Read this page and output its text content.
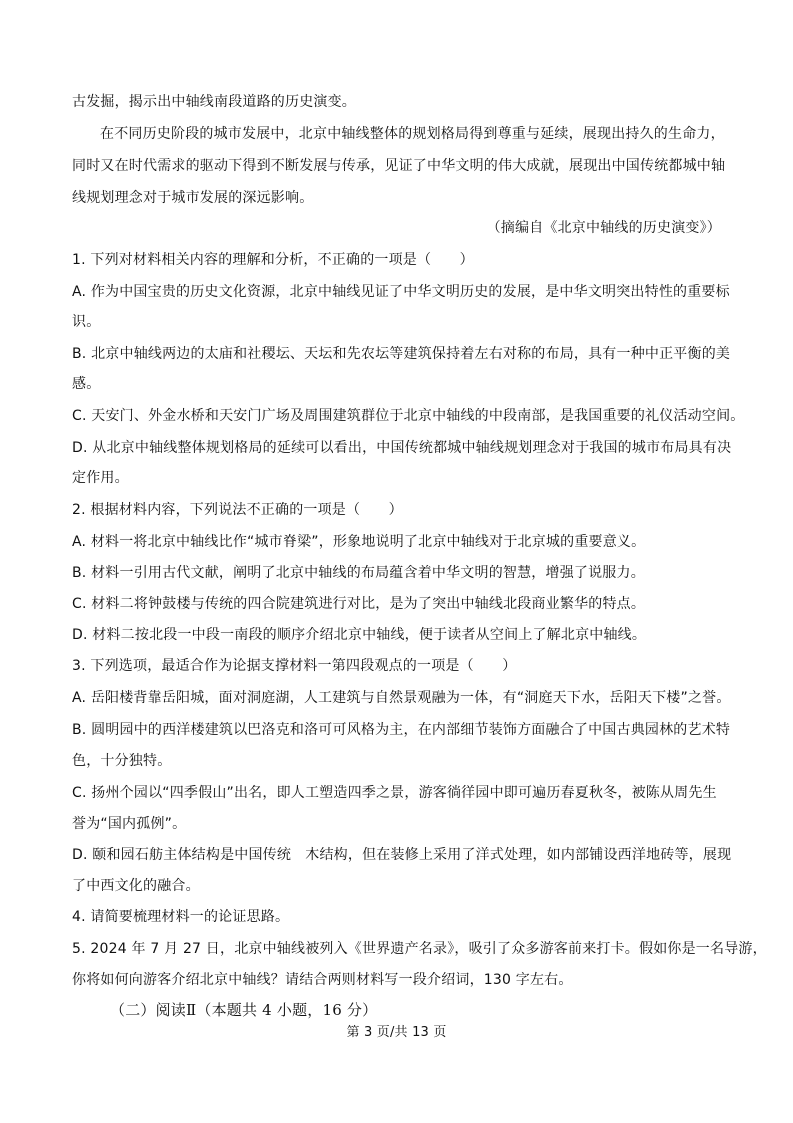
古发掘，揭示出中轴线南段道路的历史演变。
在不同历史阶段的城市发展中，北京中轴线整体的规划格局得到尊重与延续，展现出持久的生命力，
同时又在时代需求的驱动下得到不断发展与传承，见证了中华文明的伟大成就，展现出中国传统都城中轴
线规划理念对于城市发展的深远影响。
（摘编自《北京中轴线的历史演变》）
1. 下列对材料相关内容的理解和分析，不正确的一项是（　　）
A. 作为中国宝贵的历史文化资源，北京中轴线见证了中华文明历史的发展，是中华文明突出特性的重要标
识。
B. 北京中轴线两边的太庙和社稷坛、天坛和先农坛等建筑保持着左右对称的布局，具有一种中正平衡的美
感。
C. 天安门、外金水桥和天安门广场及周围建筑群位于北京中轴线的中段南部，是我国重要的礼仪活动空间。
D. 从北京中轴线整体规划格局的延续可以看出，中国传统都城中轴线规划理念对于我国的城市布局具有决
定作用。
2. 根据材料内容，下列说法不正确的一项是（　　）
A. 材料一将北京中轴线比作“城市脊梁”，形象地说明了北京中轴线对于北京城的重要意义。
B. 材料一引用古代文献，阐明了北京中轴线的布局蕴含着中华文明的智慧，增强了说服力。
C. 材料二将钟鼓楼与传统的四合院建筑进行对比，是为了突出中轴线北段商业繁华的特点。
D. 材料二按北段一中段一南段的顺序介绍北京中轴线，便于读者从空间上了解北京中轴线。
3. 下列选项，最适合作为论据支撑材料一第四段观点的一项是（　　）
A. 岳阳楼背靠岳阳城，面对洞庭湖，人工建筑与自然景观融为一体，有“洞庭天下水，岳阳天下楼”之誉。
B. 圆明园中的西洋楼建筑以巴洛克和洛可可风格为主，在内部细节装饰方面融合了中国古典园林的艺术特
色，十分独特。
C. 扬州个园以“四季假山”出名，即人工塑造四季之景，游客徜徉园中即可遍历春夏秋冬，被陈从周先生
誉为“国内孤例”。
D. 颐和园石舫主体结构是中国传统　木结构，但在装修上采用了洋式处理，如内部铺设西洋地砖等，展现
了中西文化的融合。
4. 请简要梳理材料一的论证思路。
5. 2024 年 7 月 27 日，北京中轴线被列入《世界遗产名录》，吸引了众多游客前来打卡。假如你是一名导游，
你将如何向游客介绍北京中轴线？请结合两则材料写一段介绍词，130 字左右。
（二）阅读Ⅱ（本题共 4 小题，16 分）
第 3 页/共 13 页
